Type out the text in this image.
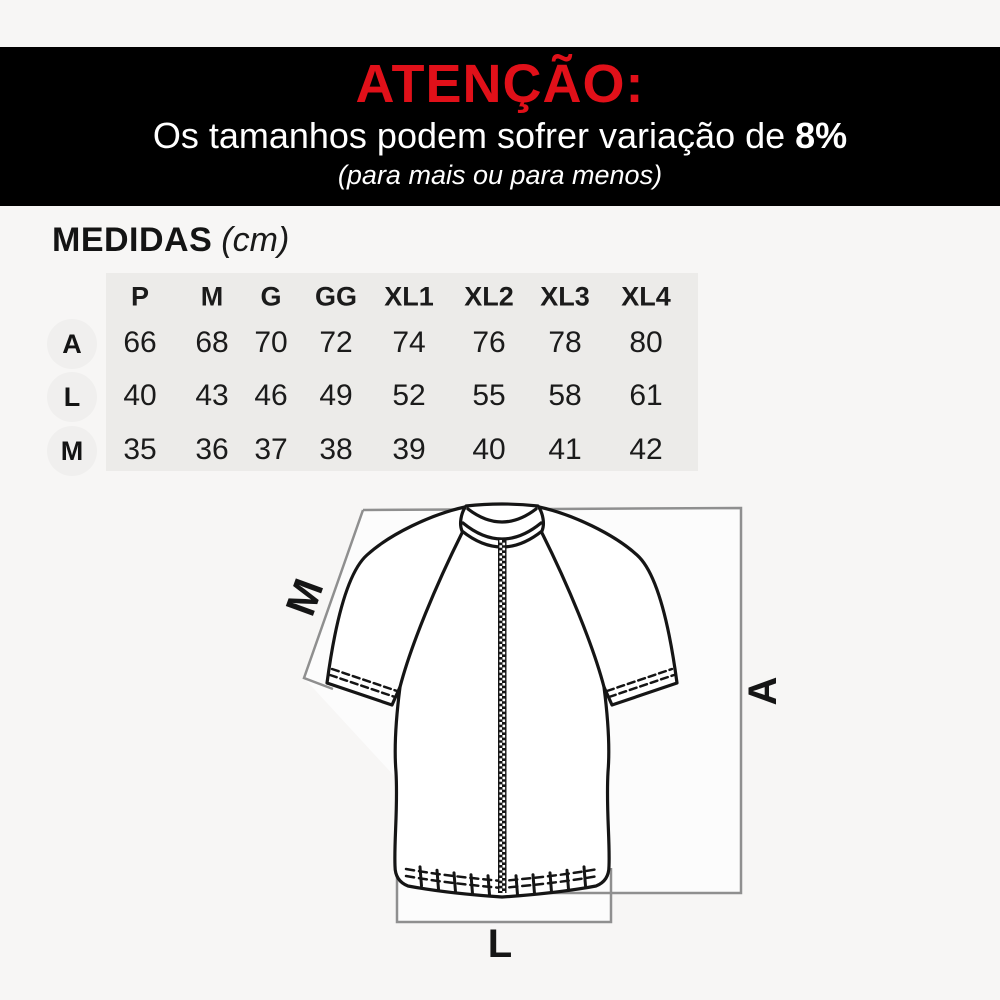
ATENÇÃO:
Os tamanhos podem sofrer variação de 8%
(para mais ou para menos)
MEDIDAS (cm)
P M G GG XL1 XL2 XL3 XL4
A	66 68 70 72 74 76 78 80
L	40 43 46 49 52 55 58 61
M	35 36 37 38 39 40 41 42
M
A
L
